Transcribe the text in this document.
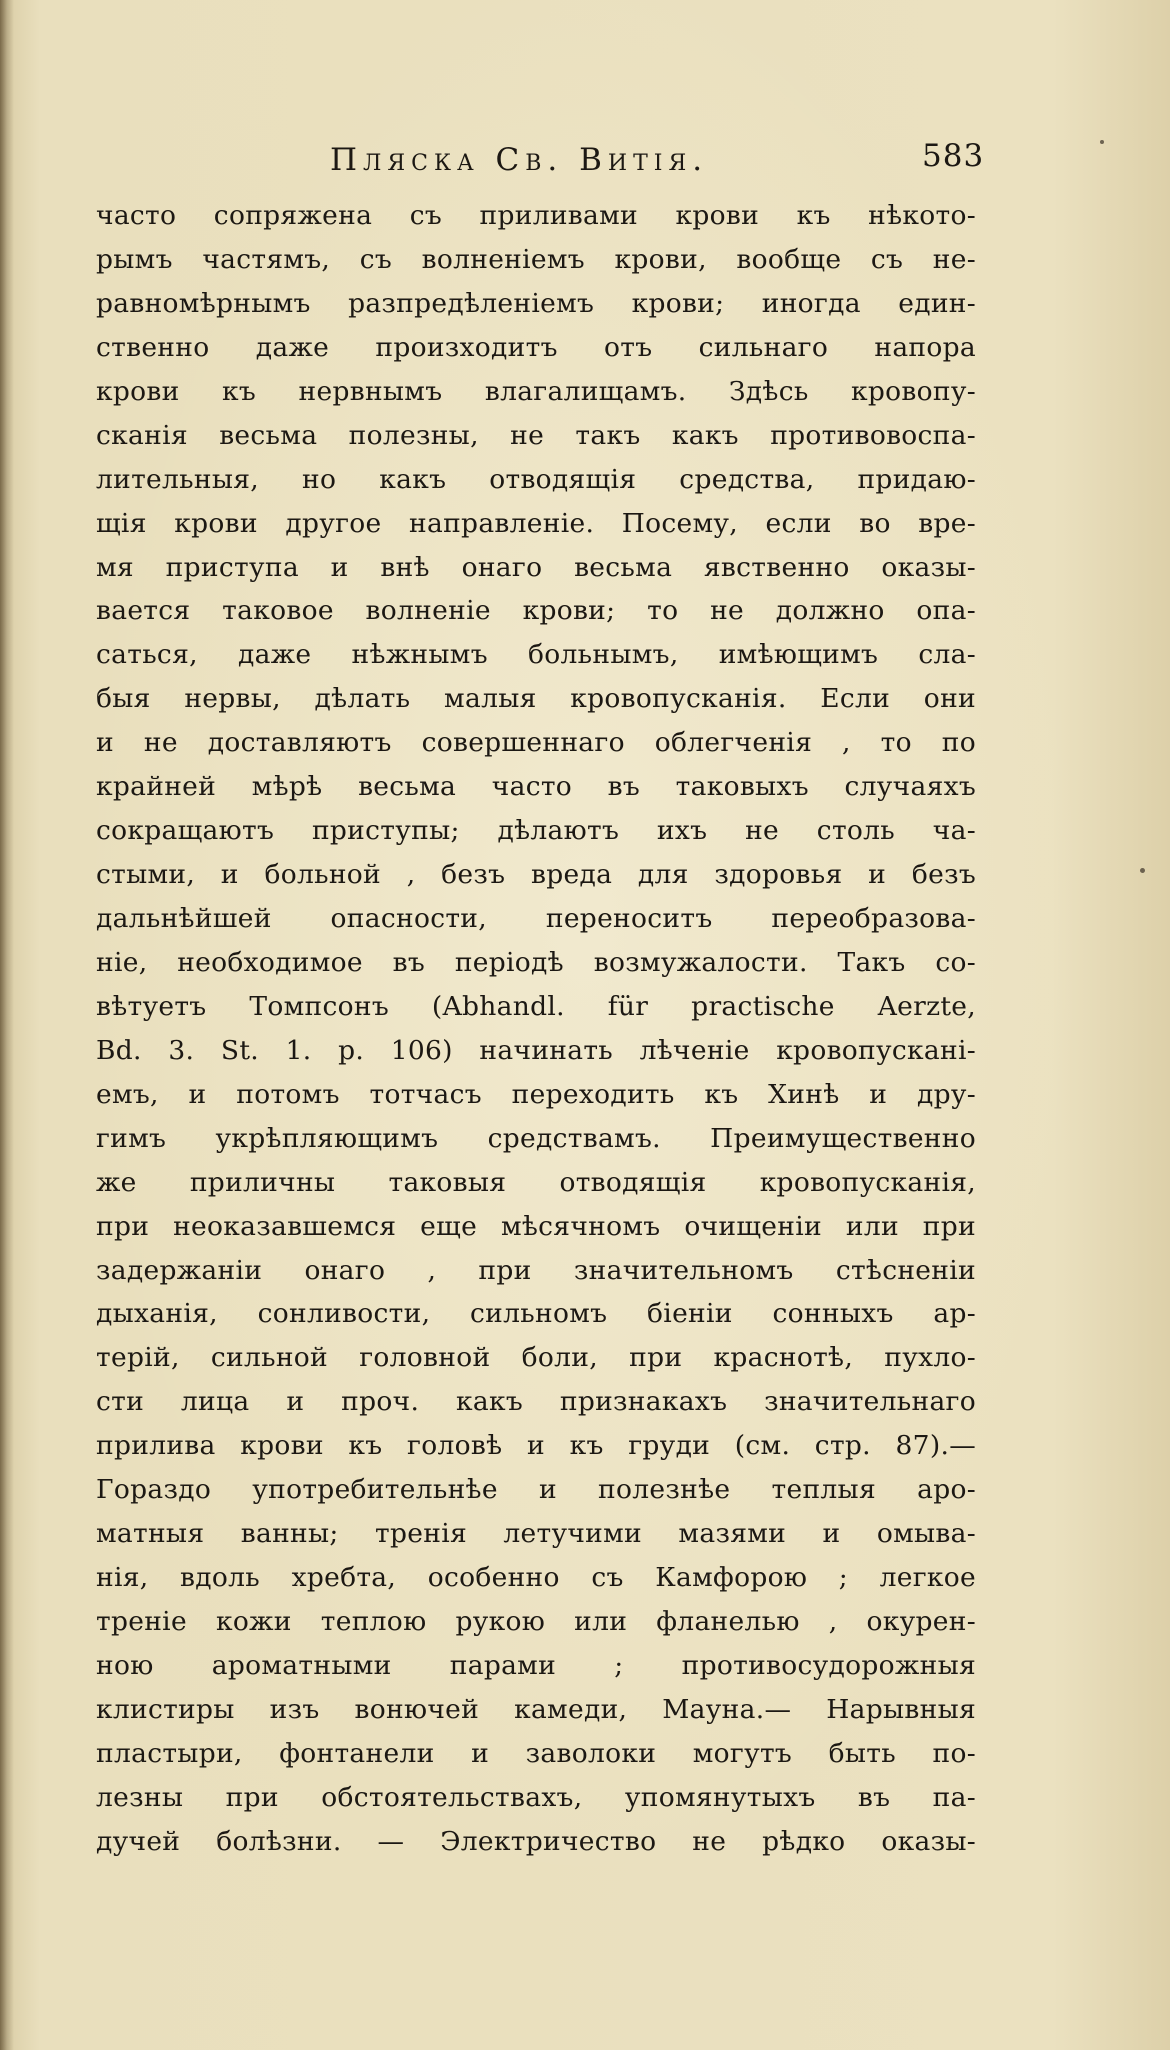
Пляска Св. Витія.	583
часто сопряжена съ приливами крови къ нѣкото-
рымъ частямъ, съ волненіемъ крови, вообще съ не-
равномѣрнымъ разпредѣленіемъ крови; иногда един-
ственно даже произходитъ отъ сильнаго напора
крови къ нервнымъ влагалищамъ. Здѣсь кровопу-
сканія весьма полезны, не такъ какъ противовоспа-
лительныя, но какъ отводящія средства, придаю-
щія крови другое направленіе. Посему, если во вре-
мя приступа и внѣ онаго весьма явственно оказы-
вается таковое волненіе крови; то не должно опа-
саться, даже нѣжнымъ больнымъ, имѣющимъ сла-
быя нервы, дѣлать малыя кровопусканія. Если они
и не доставляютъ совершеннаго облегченія , то по
крайней мѣрѣ весьма часто въ таковыхъ случаяхъ
сокращаютъ приступы; дѣлаютъ ихъ не столь ча-
стыми, и больной , безъ вреда для здоровья и безъ
дальнѣйшей опасности, переноситъ переобразова-
ніе, необходимое въ періодѣ возмужалости. Такъ со-
вѣтуетъ Томпсонъ (Abhandl. für practische Aerzte,
Bd. 3. St. 1. p. 106) начинать лѣченіе кровопускані-
емъ, и потомъ тотчасъ переходить къ Хинѣ и дру-
гимъ укрѣпляющимъ средствамъ. Преимущественно
же приличны таковыя отводящія кровопусканія,
при неоказавшемся еще мѣсячномъ очищеніи или при
задержаніи онаго , при значительномъ стѣсненіи
дыханія, сонливости, сильномъ біеніи сонныхъ ар-
терій, сильной головной боли, при краснотѣ, пухло-
сти лица и проч. какъ признакахъ значительнаго
прилива крови къ головѣ и къ груди (см. стр. 87).—
Гораздо употребительнѣе и полезнѣе теплыя аро-
матныя ванны; тренія летучими мазями и омыва-
нія, вдоль хребта, особенно съ Камфорою ; легкое
треніе кожи теплою рукою или фланелью , окурен-
ною ароматными парами ; противосудорожныя
клистиры изъ вонючей камеди, Мауна.— Нарывныя
пластыри, фонтанели и заволоки могутъ быть по-
лезны при обстоятельствахъ, упомянутыхъ въ па-
дучей болѣзни. — Электричество не рѣдко оказы-
